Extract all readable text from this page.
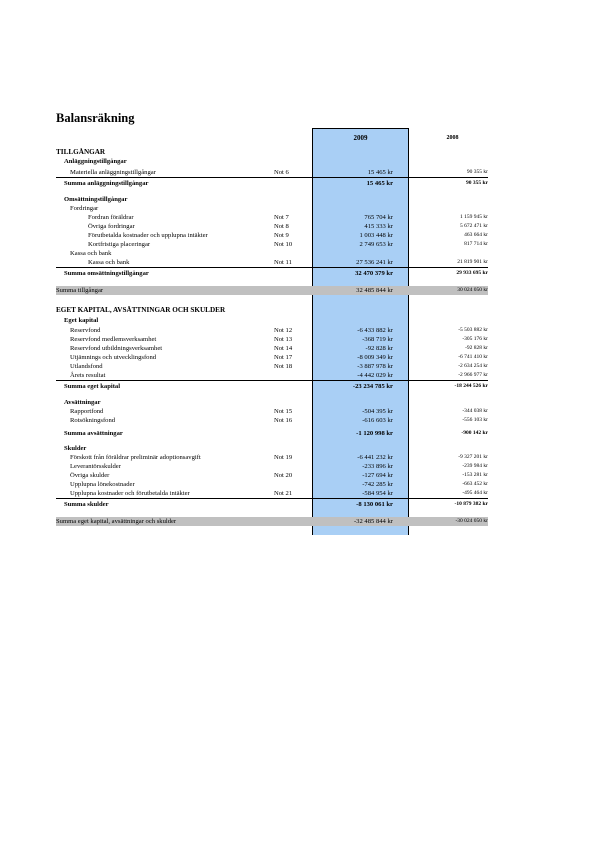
Balansräkning
2009	2008
TILLGÅNGAR
Anläggningstillgångar
Materiella anläggningstillgångar	Not 6	15 465 kr	90 355 kr
Summa anläggningstillgångar	15 465 kr	90 355 kr
Omsättningstillgångar
Fordringar
Fordran föräldrar	Not 7	765 704 kr	1 159 945 kr
Övriga fordringar	Not 8	415 333 kr	5 672 471 kr
Förutbetalda kostnader och upplupna intäkter	Not 9	1 003 448 kr	463 664 kr
Kortfristiga placeringar	Not 10	2 749 653 kr	817 714 kr
Kassa och bank
Kassa och bank	Not 11	27 536 241 kr	21 819 901 kr
Summa omsättningstillgångar	32 470 379 kr	29 933 695 kr
Summa tillgångar	32 485 844 kr	30 024 050 kr
EGET KAPITAL, AVSÄTTNINGAR OCH SKULDER
Eget kapital
Reservfond	Not 12	-6 433 882 kr	-5 503 882 kr
Reservfond medlemsverksamhet	Not 13	-368 719 kr	-305 176 kr
Reservfond utbildningsverksamhet	Not 14	-92 828 kr	-92 828 kr
Utjämnings och utvecklingsfond	Not 17	-8 009 349 kr	-6 741 410 kr
Utlandsfond	Not 18	-3 887 978 kr	-2 634 254 kr
Årets resultat	-4 442 029 kr	-2 966 977 kr
Summa eget kapital	-23 234 785 kr	-18 244 526 kr
Avsättningar
Rapportfond	Not 15	-504 395 kr	-344 038 kr
Rotsökningsfond	Not 16	-616 603 kr	-556 103 kr
Summa avsättningar	-1 120 998 kr	-900 142 kr
Skulder
Förskott från föräldrar preliminär adoptionsavgift	Not 19	-6 441 232 kr	-9 327 201 kr
Leverantörsskulder	-233 896 kr	-239 984 kr
Övriga skulder	Not 20	-127 694 kr	-153 281 kr
Upplupna lönekostnader	-742 285 kr	-663 452 kr
Upplupna kostnader och förutbetalda intäkter	Not 21	-584 954 kr	-495 464 kr
Summa skulder	-8 130 061 kr	-10 879 382 kr
Summa eget kapital, avsättningar och skulder	-32 485 844 kr	-30 024 050 kr
